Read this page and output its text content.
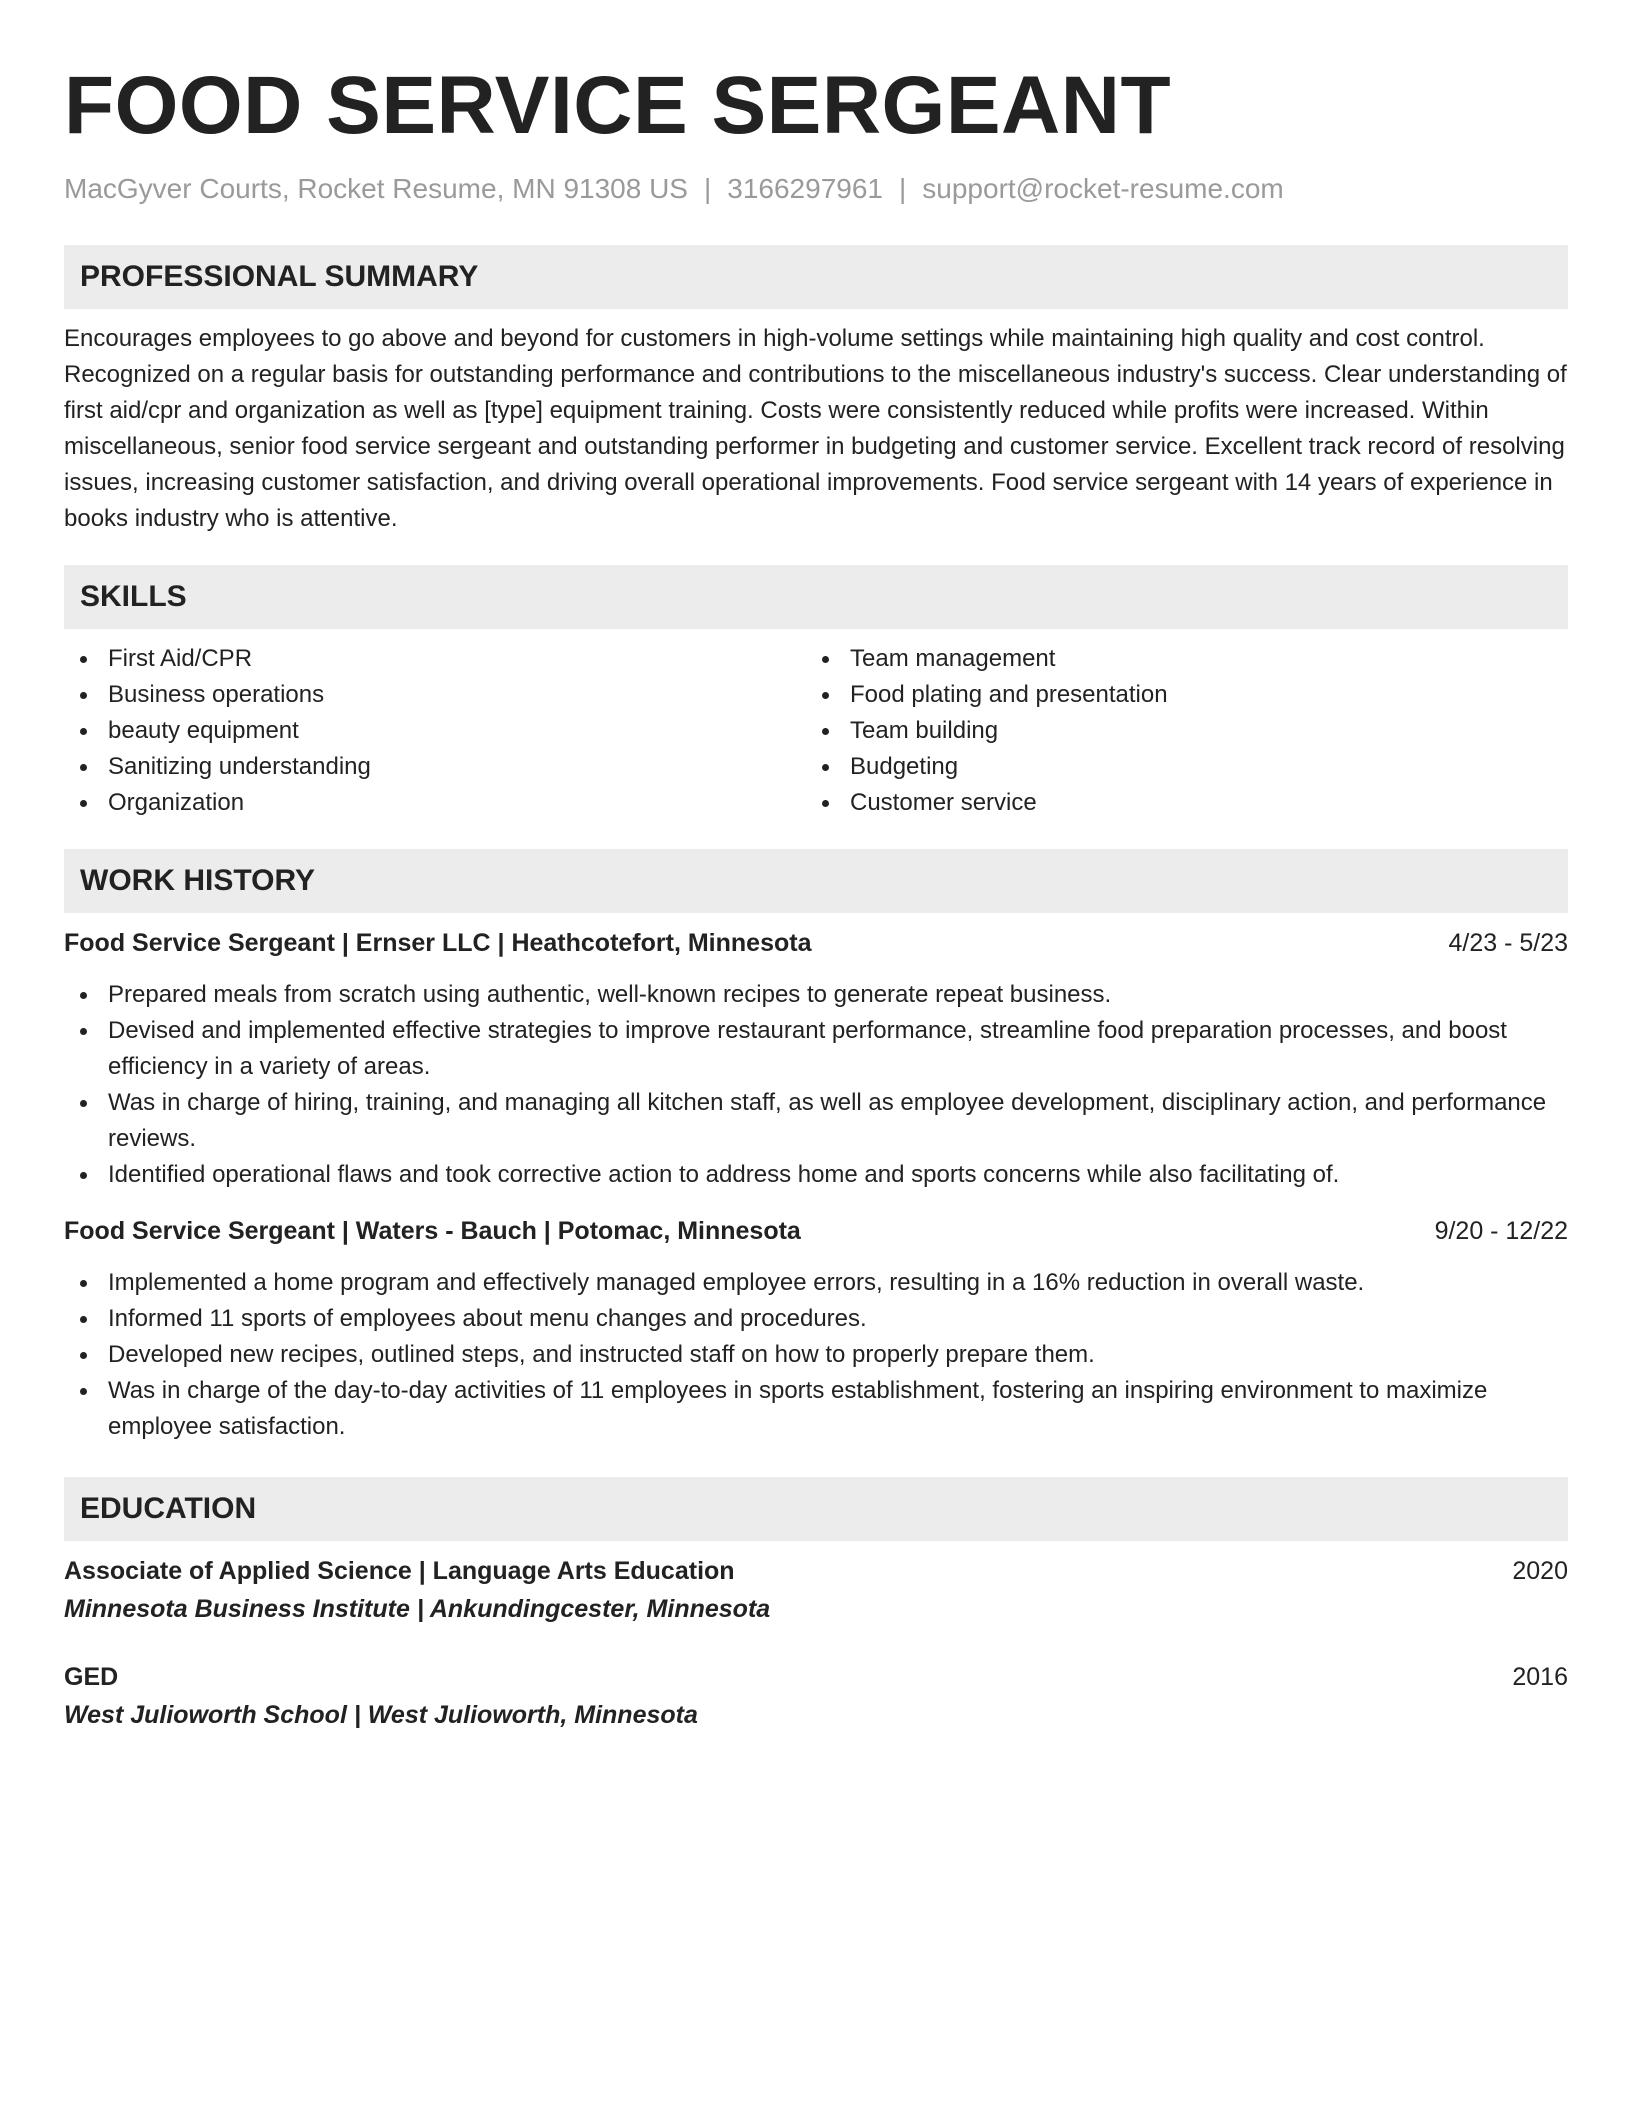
FOOD SERVICE SERGEANT
MacGyver Courts, Rocket Resume, MN 91308 US | 3166297961 | support@rocket-resume.com
PROFESSIONAL SUMMARY

Encourages employees to go above and beyond for customers in high-volume settings while maintaining high quality and cost control. Recognized on a regular basis for outstanding performance and contributions to the miscellaneous industry's success. Clear understanding of first aid/cpr and organization as well as [type] equipment training. Costs were consistently reduced while profits were increased. Within miscellaneous, senior food service sergeant and outstanding performer in budgeting and customer service. Excellent track record of resolving issues, increasing customer satisfaction, and driving overall operational improvements. Food service sergeant with 14 years of experience in books industry who is attentive.

SKILLS
First Aid/CPR
Business operations
beauty equipment
Sanitizing understanding
Organization
Team management
Food plating and presentation
Team building
Budgeting
Customer service
WORK HISTORY
Food Service Sergeant | Ernser LLC | Heathcotefort, Minnesota	4/23 - 5/23
Prepared meals from scratch using authentic, well-known recipes to generate repeat business.
Devised and implemented effective strategies to improve restaurant performance, streamline food preparation processes, and boost efficiency in a variety of areas.
Was in charge of hiring, training, and managing all kitchen staff, as well as employee development, disciplinary action, and performance reviews.
Identified operational flaws and took corrective action to address home and sports concerns while also facilitating of.
Food Service Sergeant | Waters - Bauch | Potomac, Minnesota	9/20 - 12/22
Implemented a home program and effectively managed employee errors, resulting in a 16% reduction in overall waste.
Informed 11 sports of employees about menu changes and procedures.
Developed new recipes, outlined steps, and instructed staff on how to properly prepare them.
Was in charge of the day-to-day activities of 11 employees in sports establishment, fostering an inspiring environment to maximize employee satisfaction.
EDUCATION
Associate of Applied Science | Language Arts Education	2020
Minnesota Business Institute | Ankundingcester, Minnesota
GED	2016
West Julioworth School | West Julioworth, Minnesota
